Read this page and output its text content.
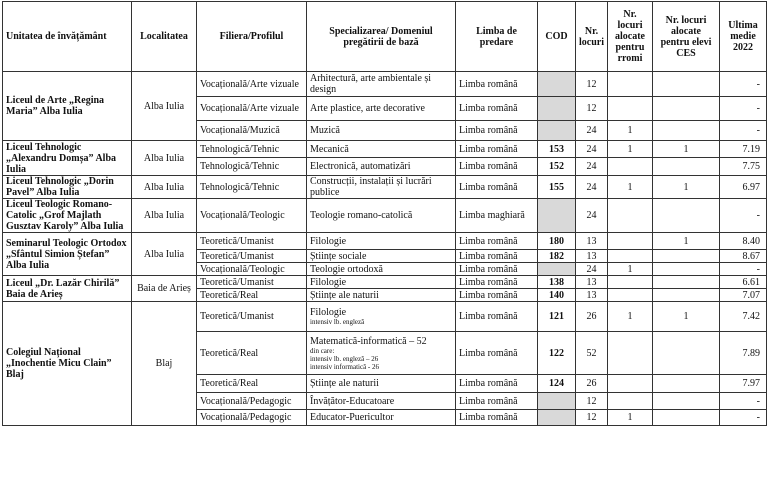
Unitatea de învățământ	Localitatea	Filiera/Profilul	Specializarea/ Domeniul pregătirii de bază	Limba de predare	COD	Nr. locuri	Nr. locuri alocate pentru rromi	Nr. locuri alocate pentru elevi CES	Ultima medie 2022
Liceul de Arte „Regina Maria” Alba Iulia	Alba Iulia	Vocațională/Arte vizuale	Arhitectură, arte ambientale și design	Limba română		12			-
		Vocațională/Arte vizuale	Arte plastice, arte decorative	Limba română		12			-
		Vocațională/Muzică	Muzică	Limba română		24	1		-
Liceul Tehnologic „Alexandru Domșa” Alba Iulia	Alba Iulia	Tehnologică/Tehnic	Mecanică	Limba română	153	24	1	1	7.19
		Tehnologică/Tehnic	Electronică, automatizări	Limba română	152	24			7.75
Liceul Tehnologic „Dorin Pavel” Alba Iulia	Alba Iulia	Tehnologică/Tehnic	Construcții, instalații și lucrări publice	Limba română	155	24	1	1	6.97
Liceul Teologic Romano-Catolic „Grof Majlath Gusztav Karoly” Alba Iulia	Alba Iulia	Vocațională/Teologic	Teologie romano-catolică	Limba maghiară		24			-
Seminarul Teologic Ortodox „Sfântul Simion Ștefan” Alba Iulia	Alba Iulia	Teoretică/Umanist	Filologie	Limba română	180	13		1	8.40
		Teoretică/Umanist	Științe sociale	Limba română	182	13			8.67
		Vocațională/Teologic	Teologie ortodoxă	Limba română		24	1		-
Liceul „Dr. Lazăr Chirilă” Baia de Arieș	Baia de Arieș	Teoretică/Umanist	Filologie	Limba română	138	13			6.61
		Teoretică/Real	Științe ale naturii	Limba română	140	13			7.07
Colegiul Național „Inochentie Micu Clain” Blaj	Blaj	Teoretică/Umanist	Filologie
intensiv lb. engleză	Limba română	121	26	1	1	7.42
		Teoretică/Real	Matematică-informatică – 52
din care:
intensiv lb. engleză – 26
intensiv informatică - 26	Limba română	122	52			7.89
		Teoretică/Real	Științe ale naturii	Limba română	124	26			7.97
		Vocațională/Pedagogic	Învățător-Educatoare	Limba română		12			-
		Vocațională/Pedagogic	Educator-Puericultor	Limba română		12	1		-
